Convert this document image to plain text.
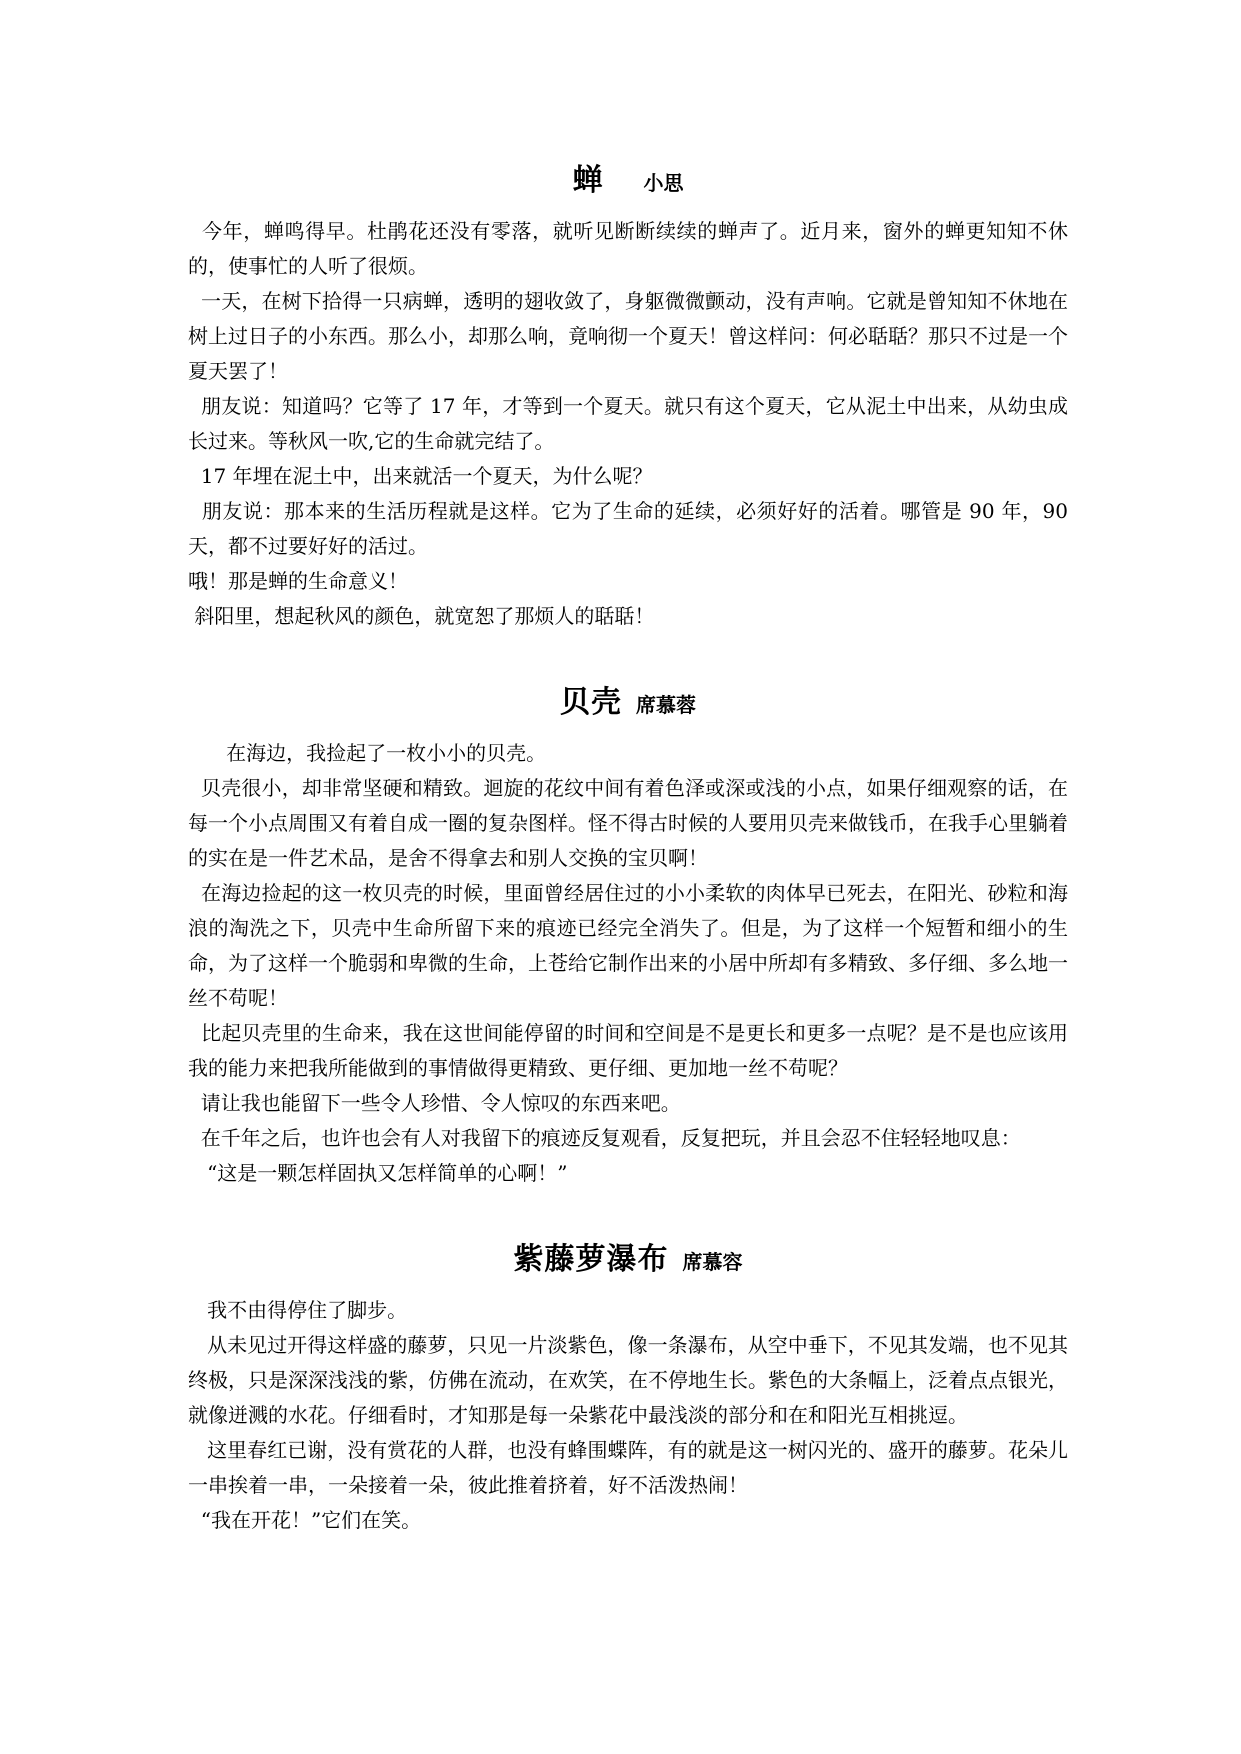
蝉 小思

今年，蝉鸣得早。杜鹃花还没有零落，就听见断断续续的蝉声了。近月来，窗外的蝉更知知不休的，使事忙的人听了很烦。

一天，在树下拾得一只病蝉，透明的翅收敛了，身躯微微颤动，没有声响。它就是曾知知不休地在树上过日子的小东西。那么小，却那么响，竟响彻一个夏天！曾这样问：何必聒聒？那只不过是一个夏天罢了！

朋友说：知道吗？它等了 17 年，才等到一个夏天。就只有这个夏天，它从泥土中出来，从幼虫成长过来。等秋风一吹,它的生命就完结了。

17 年埋在泥土中，出来就活一个夏天，为什么呢？

朋友说：那本来的生活历程就是这样。它为了生命的延续，必须好好的活着。哪管是 90 年，90 天，都不过要好好的活过。

哦！那是蝉的生命意义！

斜阳里，想起秋风的颜色，就宽恕了那烦人的聒聒！

贝壳 席慕蓉

在海边，我捡起了一枚小小的贝壳。

贝壳很小，却非常坚硬和精致。迴旋的花纹中间有着色泽或深或浅的小点，如果仔细观察的话，在每一个小点周围又有着自成一圈的复杂图样。怪不得古时候的人要用贝壳来做钱币，在我手心里躺着的实在是一件艺术品，是舍不得拿去和别人交换的宝贝啊！

在海边捡起的这一枚贝壳的时候，里面曾经居住过的小小柔软的肉体早已死去，在阳光、砂粒和海浪的淘洗之下，贝壳中生命所留下来的痕迹已经完全消失了。但是，为了这样一个短暂和细小的生命，为了这样一个脆弱和卑微的生命，上苍给它制作出来的小居中所却有多精致、多仔细、多么地一丝不苟呢！

比起贝壳里的生命来，我在这世间能停留的时间和空间是不是更长和更多一点呢？是不是也应该用我的能力来把我所能做到的事情做得更精致、更仔细、更加地一丝不苟呢？

请让我也能留下一些令人珍惜、令人惊叹的东西来吧。

在千年之后，也许也会有人对我留下的痕迹反复观看，反复把玩，并且会忍不住轻轻地叹息：

“这是一颗怎样固执又怎样简单的心啊！”

紫藤萝瀑布 席慕容

我不由得停住了脚步。

从未见过开得这样盛的藤萝，只见一片淡紫色，像一条瀑布，从空中垂下，不见其发端，也不见其终极，只是深深浅浅的紫，仿佛在流动，在欢笑，在不停地生长。紫色的大条幅上，泛着点点银光，就像迸溅的水花。仔细看时，才知那是每一朵紫花中最浅淡的部分和在和阳光互相挑逗。

这里春红已谢，没有赏花的人群，也没有蜂围蝶阵，有的就是这一树闪光的、盛开的藤萝。花朵儿一串挨着一串，一朵接着一朵，彼此推着挤着，好不活泼热闹！

“我在开花！”它们在笑。
